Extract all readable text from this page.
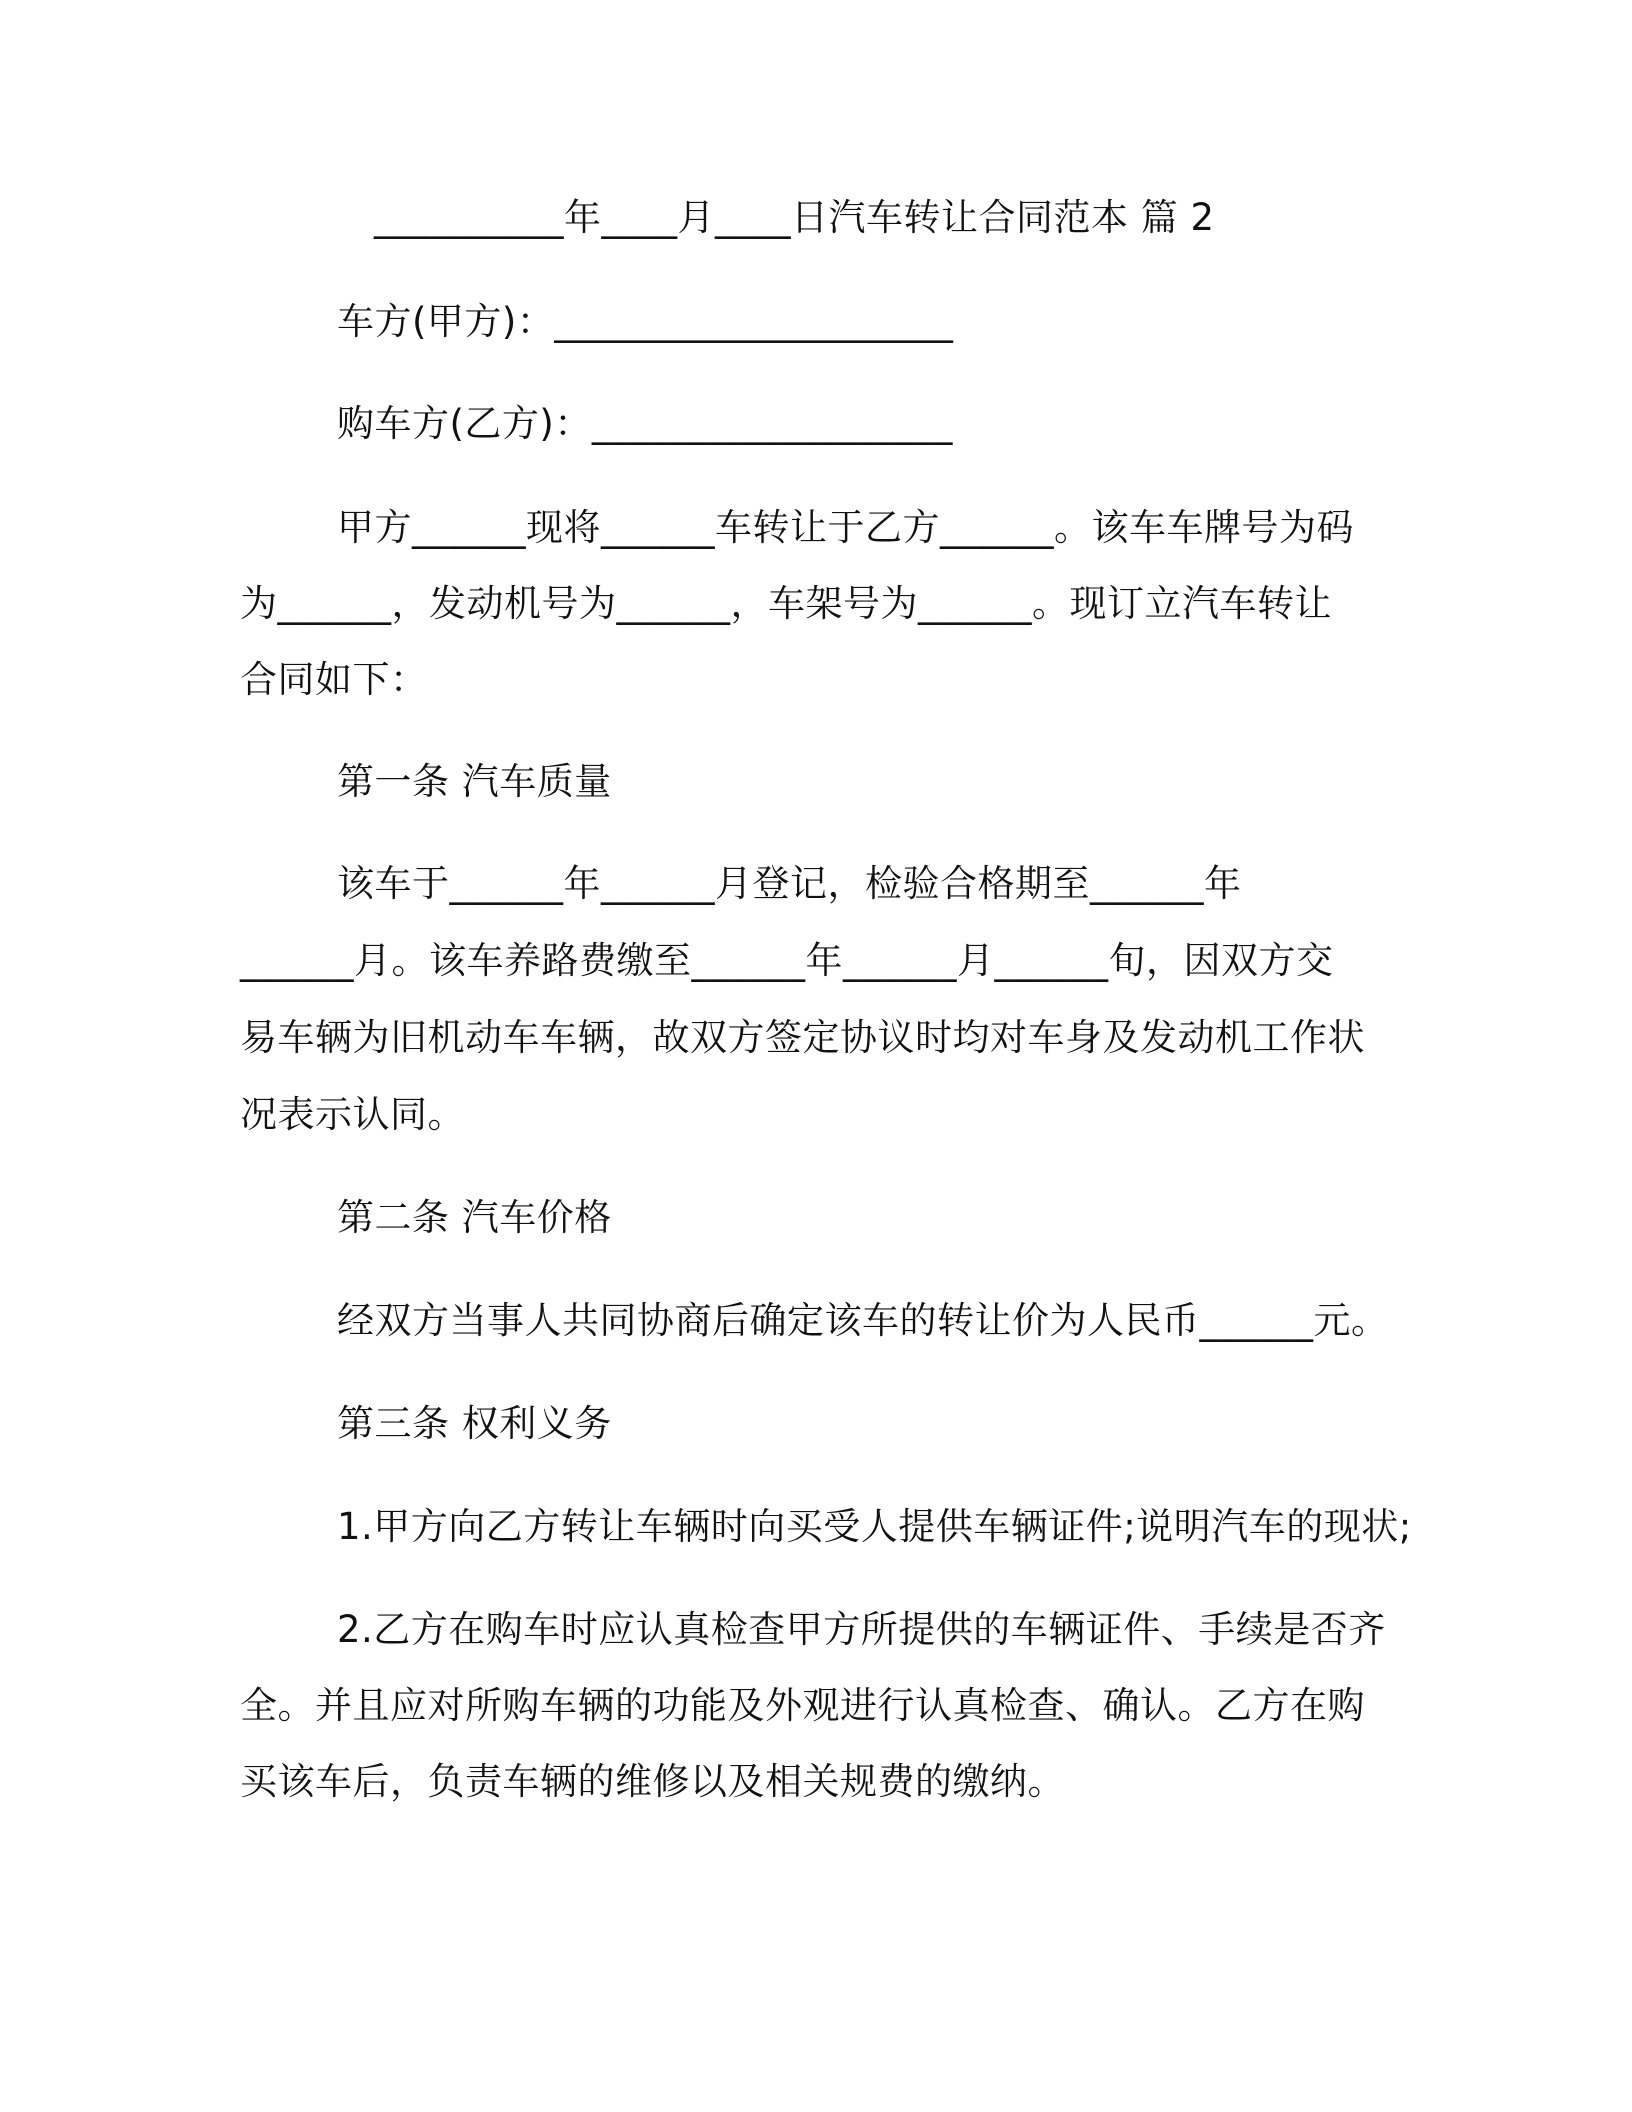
__________年____月____日汽车转让合同范本 篇 2
车方(甲方)：_____________________
购车方(乙方)：___________________
甲方______现将______车转让于乙方______。该车车牌号为码
为______，发动机号为______，车架号为______。现订立汽车转让
合同如下：
第一条 汽车质量
该车于______年______月登记，检验合格期至______年
______月。该车养路费缴至______年______月______旬，因双方交
易车辆为旧机动车车辆，故双方签定协议时均对车身及发动机工作状
况表示认同。
第二条 汽车价格
经双方当事人共同协商后确定该车的转让价为人民币______元。
第三条 权利义务
1.甲方向乙方转让车辆时向买受人提供车辆证件;说明汽车的现状;
2.乙方在购车时应认真检查甲方所提供的车辆证件、手续是否齐
全。并且应对所购车辆的功能及外观进行认真检查、确认。乙方在购
买该车后，负责车辆的维修以及相关规费的缴纳。
